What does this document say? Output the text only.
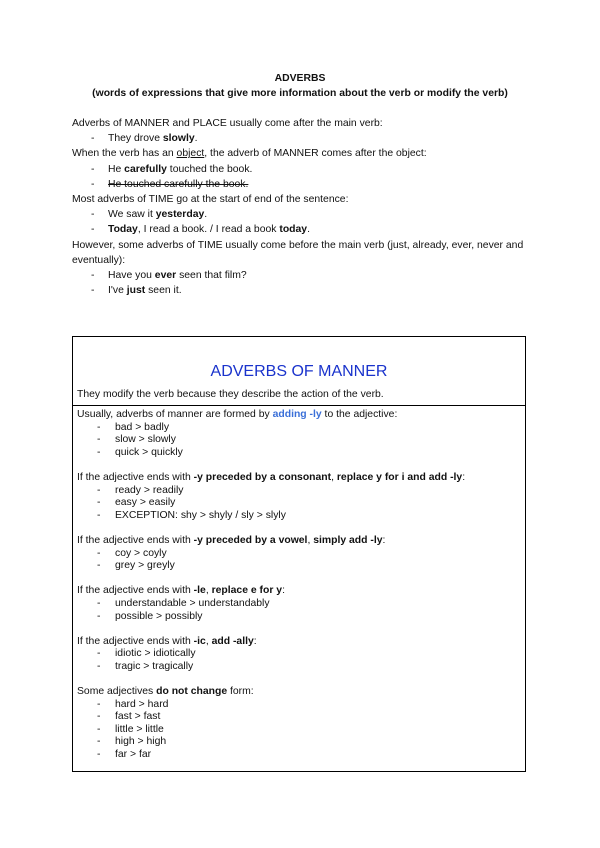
ADVERBS
(words of expressions that give more information about the verb or modify the verb)

Adverbs of MANNER and PLACE usually come after the main verb:

- They drove slowly.

When the verb has an object, the adverb of MANNER comes after the object:

- He carefully touched the book.
- He touched carefully the book.

Most adverbs of TIME go at the start of end of the sentence:

- We saw it yesterday.
- Today, I read a book. / I read a book today.

However, some adverbs of TIME usually come before the main verb (just, already, ever, never and eventually):

- Have you ever seen that film?
- I've just seen it.
ADVERBS OF MANNER
They modify the verb because they describe the action of the verb.

Usually, adverbs of manner are formed by adding -ly to the adjective:

- bad > badly
- slow > slowly
- quick > quickly

If the adjective ends with -y preceded by a consonant, replace y for i and add -ly:

- ready > readily
- easy > easily
- EXCEPTION: shy > shyly / sly > slyly

If the adjective ends with -y preceded by a vowel, simply add -ly:

- coy > coyly
- grey > greyly

If the adjective ends with -le, replace e for y:

- understandable > understandably
- possible > possibly

If the adjective ends with -ic, add -ally:

- idiotic > idiotically
- tragic > tragically

Some adjectives do not change form:

- hard > hard
- fast > fast
- little > little
- high > high
- far > far
